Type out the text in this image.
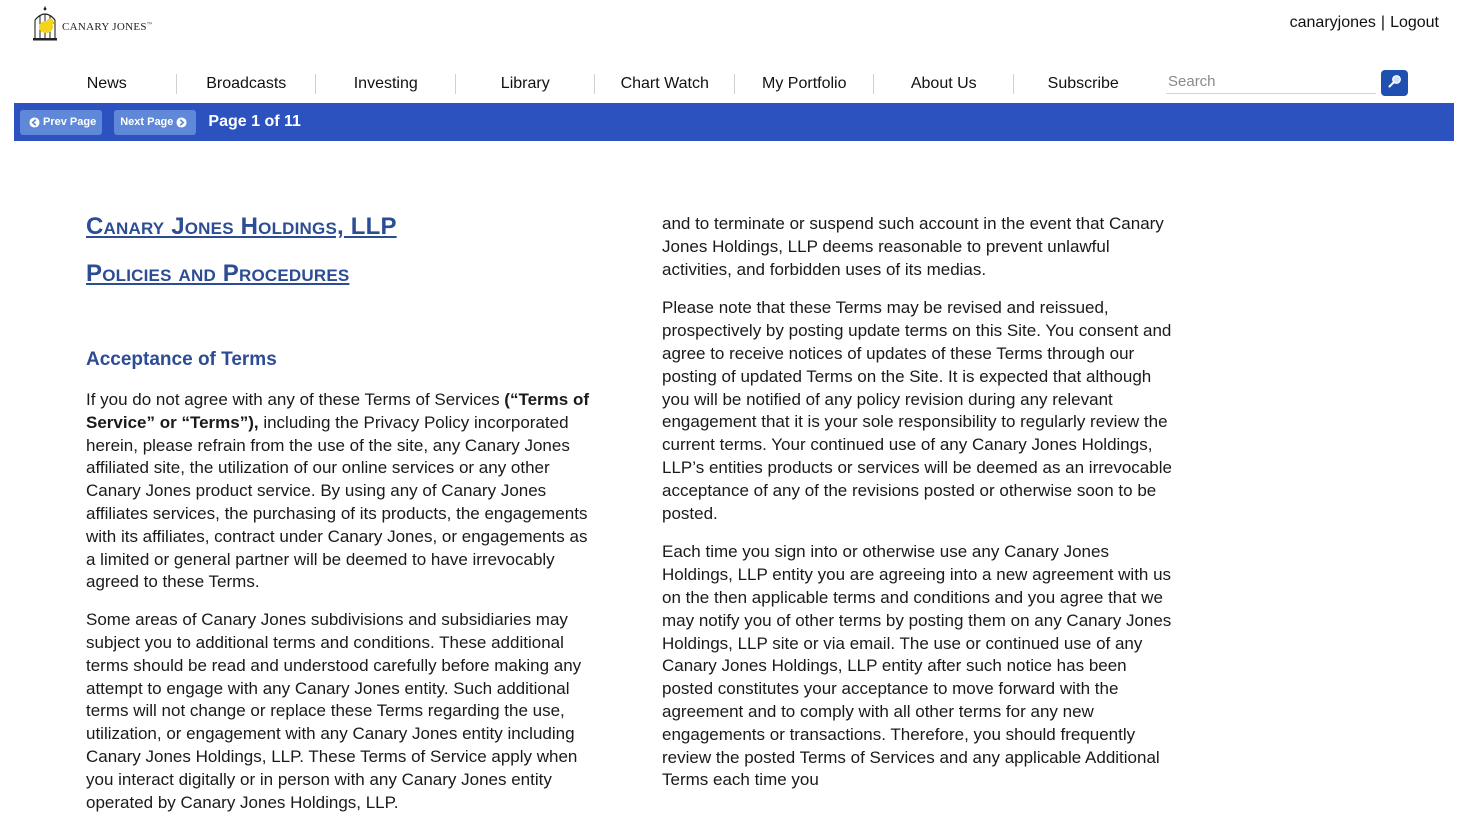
CANARY JONES™	canaryjones | Logout
News	Broadcasts	Investing	Library	Chart Watch	My Portfolio	About Us	Subscribe
Search
Prev Page Next Page Page 1 of 11
Canary Jones Holdings, LLP
Policies and Procedures
Acceptance of Terms

If you do not agree with any of these Terms of Services (“Terms of Service” or “Terms”), including the Privacy Policy incorporated herein, please refrain from the use of the site, any Canary Jones affiliated site, the utilization of our online services or any other Canary Jones product service. By using any of Canary Jones affiliates services, the purchasing of its products, the engagements with its affiliates, contract under Canary Jones, or engagements as a limited or general partner will be deemed to have irrevocably agreed to these Terms.

Some areas of Canary Jones subdivisions and subsidiaries may subject you to additional terms and conditions. These additional terms should be read and understood carefully before making any attempt to engage with any Canary Jones entity. Such additional terms will not change or replace these Terms regarding the use, utilization, or engagement with any Canary Jones entity including Canary Jones Holdings, LLP. These Terms of Service apply when you interact digitally or in person with any Canary Jones entity operated by Canary Jones Holdings, LLP.

and to terminate or suspend such account in the event that Canary Jones Holdings, LLP deems reasonable to prevent unlawful activities, and forbidden uses of its medias.

Please note that these Terms may be revised and reissued, prospectively by posting update terms on this Site. You consent and agree to receive notices of updates of these Terms through our posting of updated Terms on the Site. It is expected that although you will be notified of any policy revision during any relevant engagement that it is your sole responsibility to regularly review the current terms. Your continued use of any Canary Jones Holdings, LLP’s entities products or services will be deemed as an irrevocable acceptance of any of the revisions posted or otherwise soon to be posted.

Each time you sign into or otherwise use any Canary Jones Holdings, LLP entity you are agreeing into a new agreement with us on the then applicable terms and conditions and you agree that we may notify you of other terms by posting them on any Canary Jones Holdings, LLP site or via email. The use or continued use of any Canary Jones Holdings, LLP entity after such notice has been posted constitutes your acceptance to move forward with the agreement and to comply with all other terms for any new engagements or transactions. Therefore, you should frequently review the posted Terms of Services and any applicable Additional Terms each time you
